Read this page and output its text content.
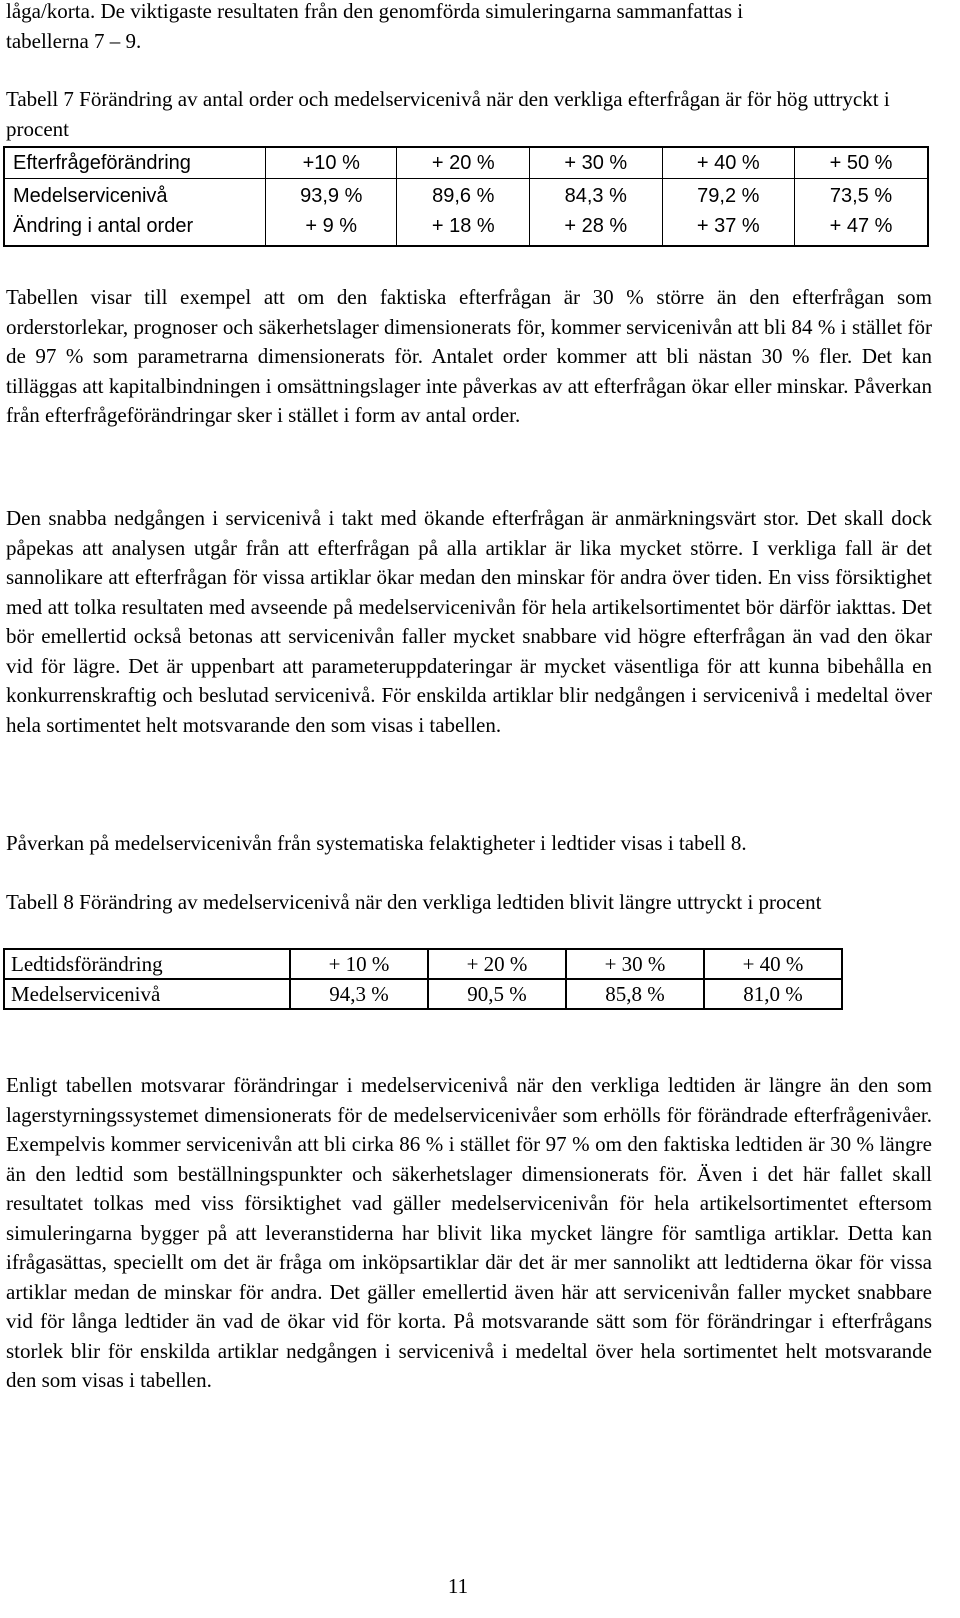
låga/korta. De viktigaste resultaten från den genomförda simuleringarna sammanfattas i

tabellerna 7 – 9.

Tabell 7 Förändring av antal order och medelservicenivå när den verkliga efterfrågan är för hög uttryckt i procent

Efterfrågeförändring	+10 %	+ 20 %	+ 30 %	+ 40 %	+ 50 %
Medelservicenivå	93,9 %	89,6 %	84,3 %	79,2 %	73,5 %
Ändring i antal order	+ 9 %	+ 18 %	+ 28 %	+ 37 %	+ 47 %

Tabellen visar till exempel att om den faktiska efterfrågan är 30 % större än den efterfrågan som orderstorlekar, prognoser och säkerhetslager dimensionerats för, kommer servicenivån att bli 84 % i stället för de 97 % som parametrarna dimensionerats för. Antalet order kommer att bli nästan 30 % fler. Det kan tilläggas att kapitalbindningen i omsättningslager inte påverkas av att efterfrågan ökar eller minskar. Påverkan från efterfrågeförändringar sker i stället i form av antal order.

Den snabba nedgången i servicenivå i takt med ökande efterfrågan är anmärkningsvärt stor. Det skall dock påpekas att analysen utgår från att efterfrågan på alla artiklar är lika mycket större. I verkliga fall är det sannolikare att efterfrågan för vissa artiklar ökar medan den minskar för andra över tiden. En viss försiktighet med att tolka resultaten med avseende på medelservicenivån för hela artikelsortimentet bör därför iakttas. Det bör emellertid också betonas att servicenivån faller mycket snabbare vid högre efterfrågan än vad den ökar vid för lägre. Det är uppenbart att parameteruppdateringar är mycket väsentliga för att kunna bibehålla en konkurrenskraftig och beslutad servicenivå. För enskilda artiklar blir nedgången i servicenivå i medeltal över hela sortimentet helt motsvarande den som visas i tabellen.

Påverkan på medelservicenivån från systematiska felaktigheter i ledtider visas i tabell 8.

Tabell 8 Förändring av medelservicenivå när den verkliga ledtiden blivit längre uttryckt i procent

Ledtidsförändring	+ 10 %	+ 20 %	+ 30 %	+ 40 %
Medelservicenivå	94,3 %	90,5 %	85,8 %	81,0 %

Enligt tabellen motsvarar förändringar i medelservicenivå när den verkliga ledtiden är längre än den som lagerstyrningssystemet dimensionerats för de medelservicenivåer som erhölls för förändrade efterfrågenivåer. Exempelvis kommer servicenivån att bli cirka 86 % i stället för 97 % om den faktiska ledtiden är 30 % längre än den ledtid som beställningspunkter och säkerhetslager dimensionerats för. Även i det här fallet skall resultatet tolkas med viss försiktighet vad gäller medelservicenivån för hela artikelsortimentet eftersom simuleringarna bygger på att leveranstiderna har blivit lika mycket längre för samtliga artiklar. Detta kan ifrågasättas, speciellt om det är fråga om inköpsartiklar där det är mer sannolikt att ledtiderna ökar för vissa artiklar medan de minskar för andra. Det gäller emellertid även här att servicenivån faller mycket snabbare vid för långa ledtider än vad de ökar vid för korta. På motsvarande sätt som för förändringar i efterfrågans storlek blir för enskilda artiklar nedgången i servicenivå i medeltal över hela sortimentet helt motsvarande den som visas i tabellen.

11
